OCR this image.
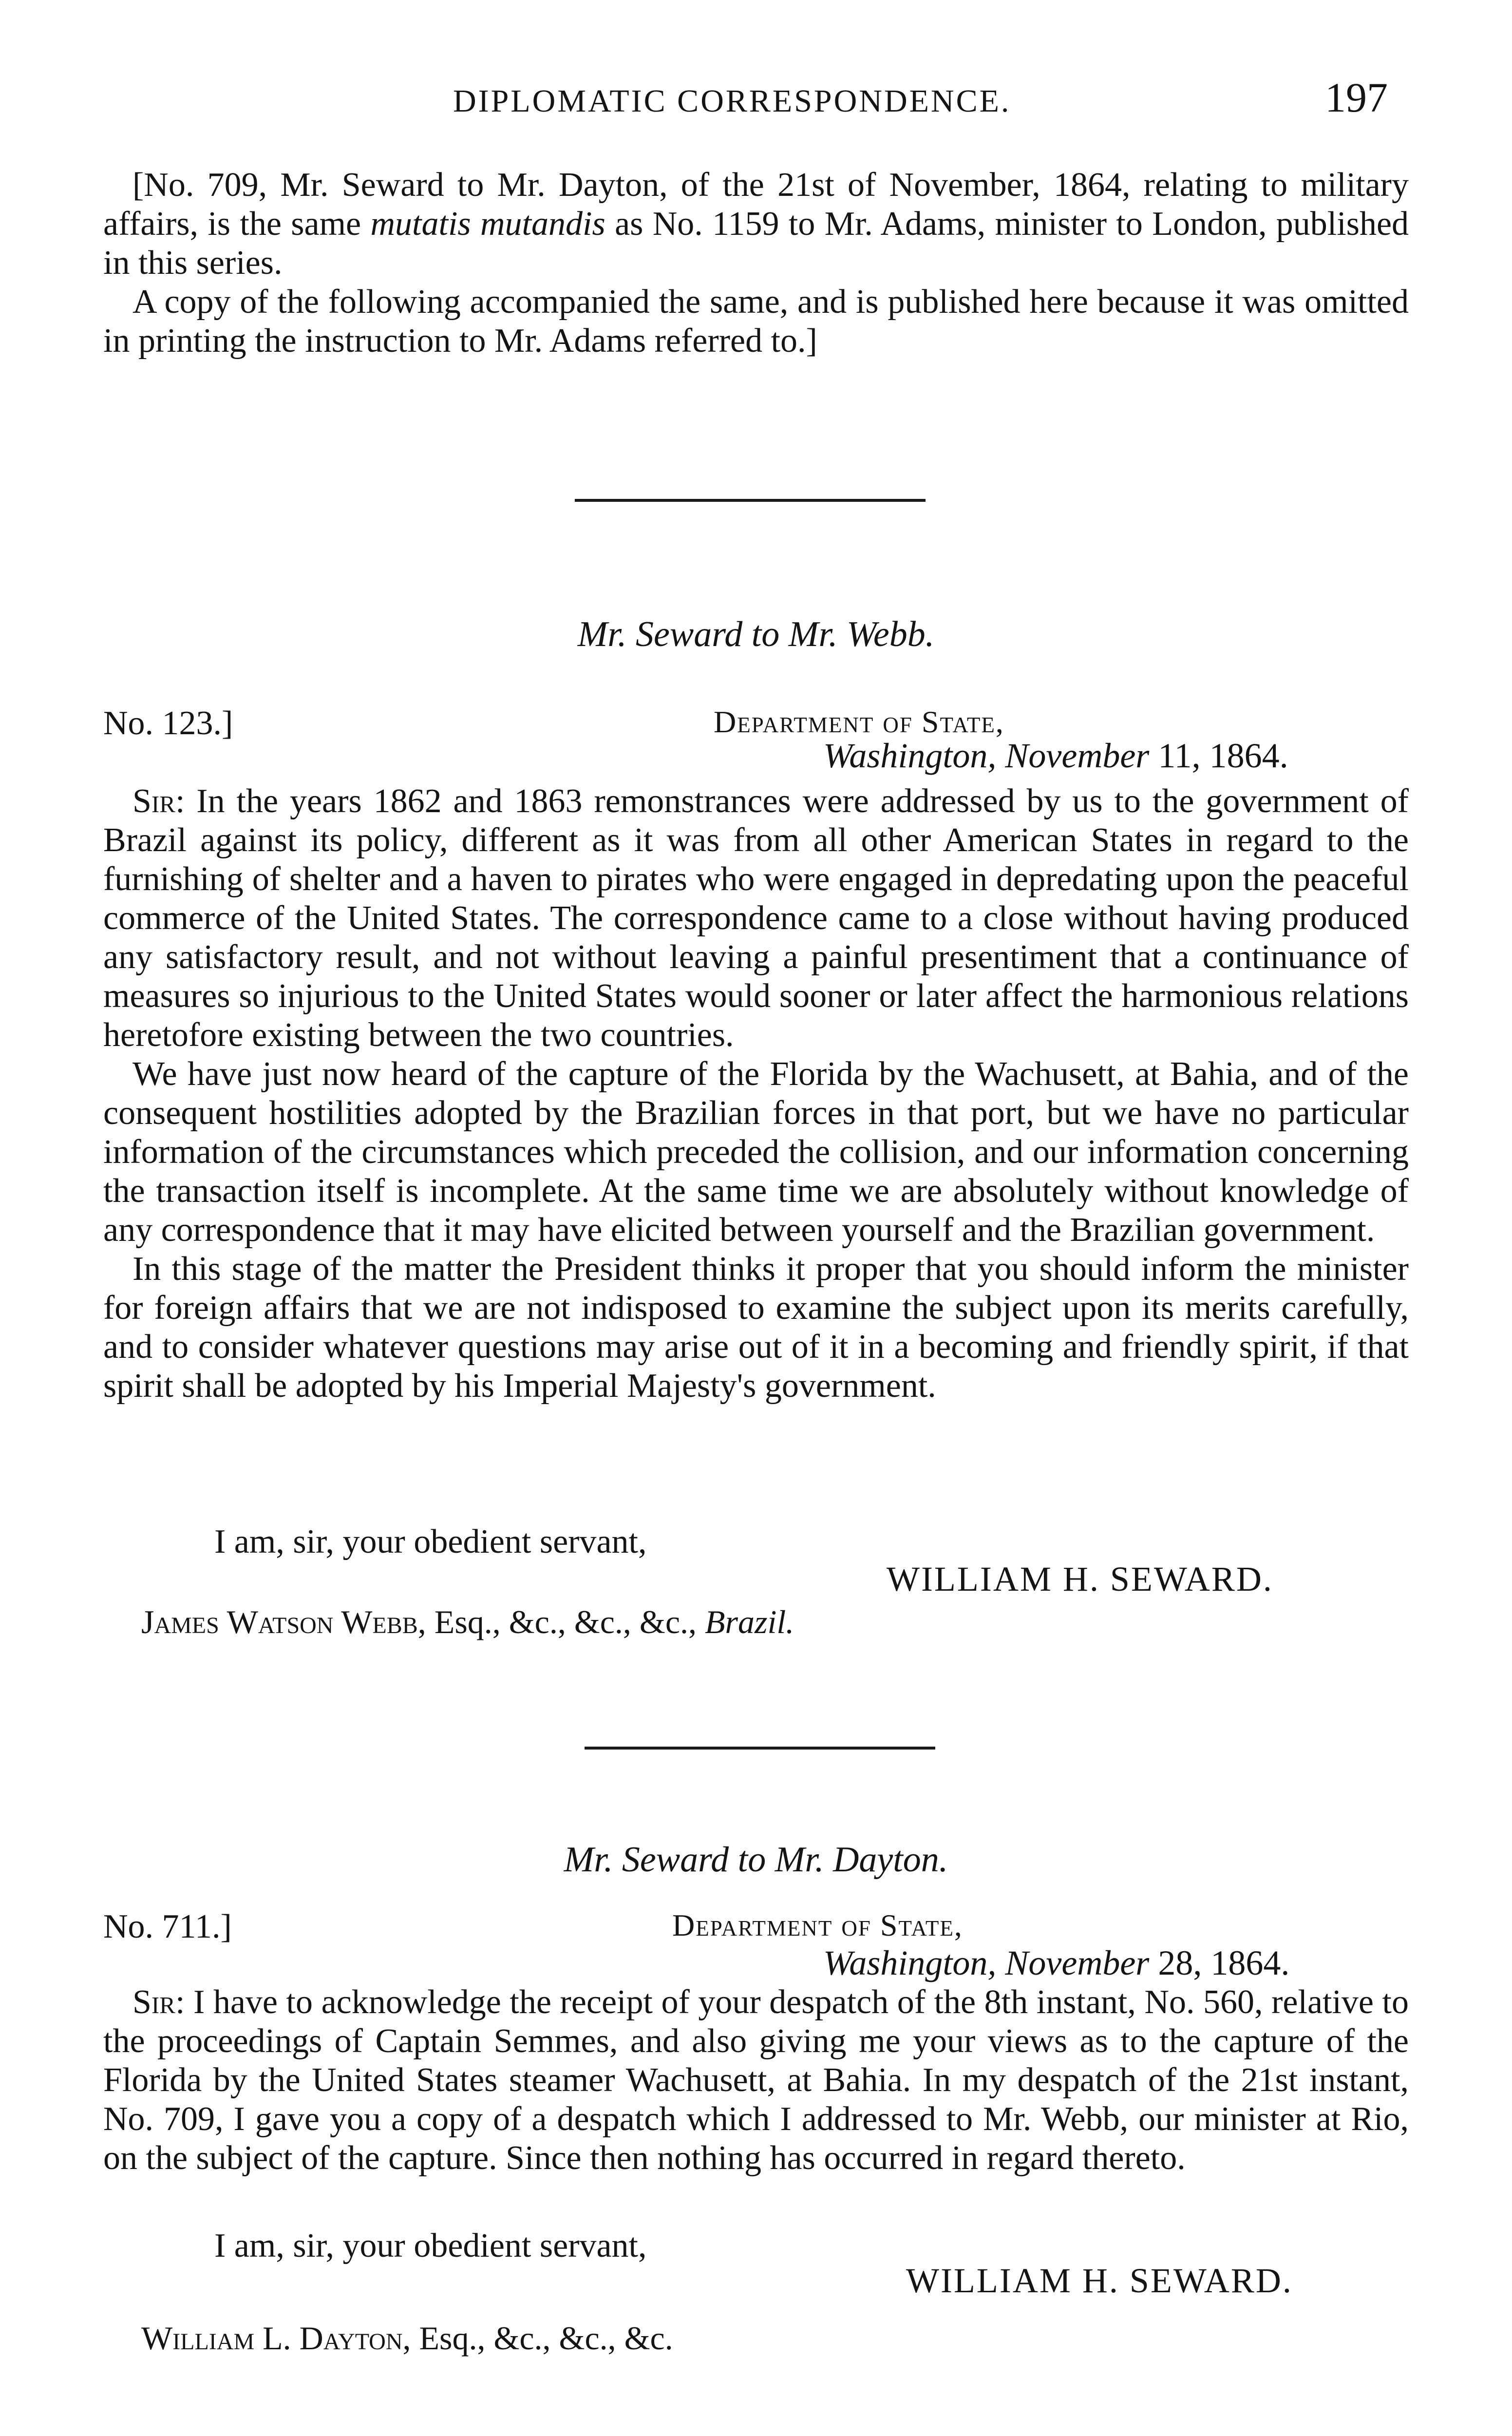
DIPLOMATIC CORRESPONDENCE.	197

[No. 709, Mr. Seward to Mr. Dayton, of the 21st of November, 1864, relating to military affairs, is the same mutatis mutandis as No. 1159 to Mr. Adams, minister to London, published in this series.

A copy of the following accompanied the same, and is published here because it was omitted in printing the instruction to Mr. Adams referred to.]

Mr. Seward to Mr. Webb.
No. 123.]	Department of State,
Washington, November 11, 1864.

Sir: In the years 1862 and 1863 remonstrances were addressed by us to the government of Brazil against its policy, different as it was from all other American States in regard to the furnishing of shelter and a haven to pirates who were engaged in depredating upon the peaceful commerce of the United States. The correspondence came to a close without having produced any satisfactory result, and not without leaving a painful presentiment that a continuance of measures so injurious to the United States would sooner or later affect the harmonious relations heretofore existing between the two countries.

We have just now heard of the capture of the Florida by the Wachusett, at Bahia, and of the consequent hostilities adopted by the Brazilian forces in that port, but we have no particular information of the circumstances which preceded the collision, and our information concerning the transaction itself is incomplete. At the same time we are absolutely without knowledge of any correspondence that it may have elicited between yourself and the Brazilian government.

In this stage of the matter the President thinks it proper that you should inform the minister for foreign affairs that we are not indisposed to examine the subject upon its merits carefully, and to consider whatever questions may arise out of it in a becoming and friendly spirit, if that spirit shall be adopted by his Imperial Majesty's government.

I am, sir, your obedient servant,
WILLIAM H. SEWARD.
James Watson Webb, Esq., &c., &c., &c., Brazil.
Mr. Seward to Mr. Dayton.
No. 711.]	Department of State,
Washington, November 28, 1864.

Sir: I have to acknowledge the receipt of your despatch of the 8th instant, No. 560, relative to the proceedings of Captain Semmes, and also giving me your views as to the capture of the Florida by the United States steamer Wachusett, at Bahia. In my despatch of the 21st instant, No. 709, I gave you a copy of a despatch which I addressed to Mr. Webb, our minister at Rio, on the subject of the capture. Since then nothing has occurred in regard thereto.

I am, sir, your obedient servant,
WILLIAM H. SEWARD.
William L. Dayton, Esq., &c., &c., &c.
